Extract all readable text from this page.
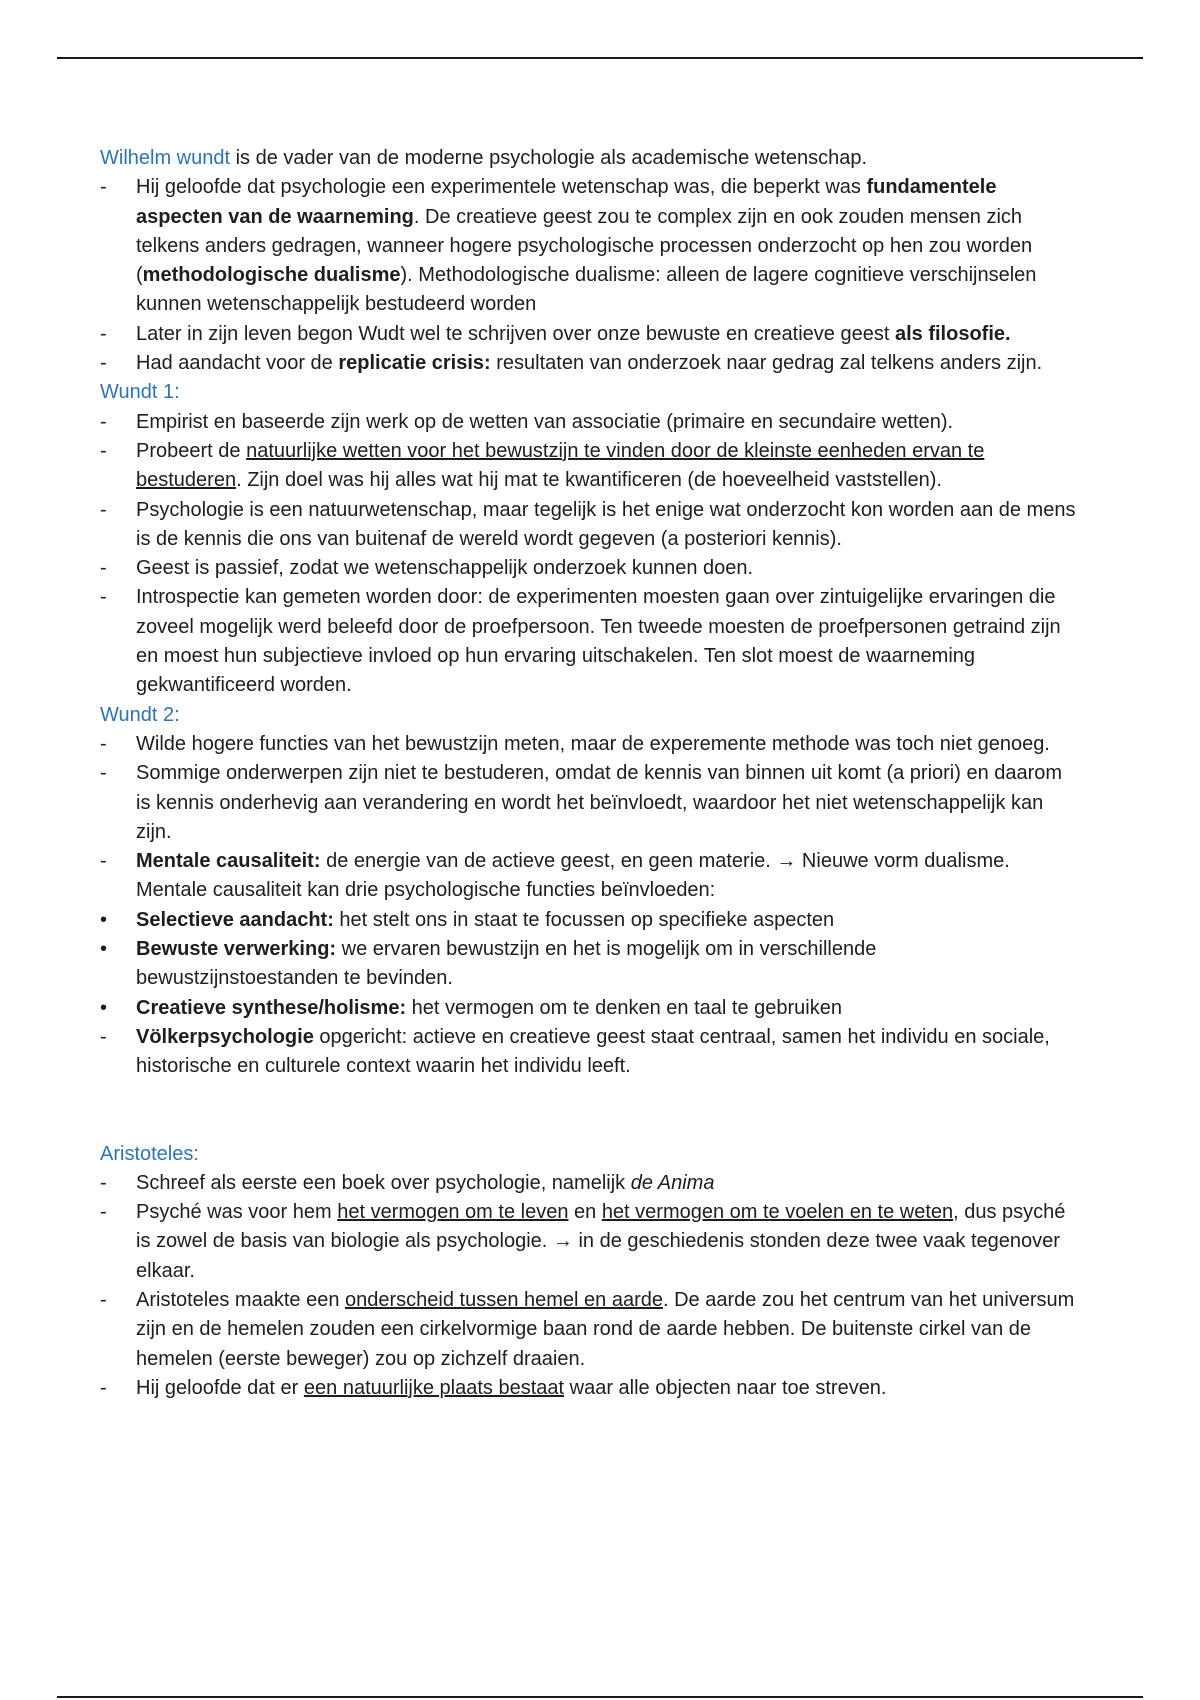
Wilhelm wundt is de vader van de moderne psychologie als academische wetenschap.

-	Hij geloofde dat psychologie een experimentele wetenschap was, die beperkt was fundamentele aspecten van de waarneming. De creatieve geest zou te complex zijn en ook zouden mensen zich telkens anders gedragen, wanneer hogere psychologische processen onderzocht op hen zou worden (methodologische dualisme). Methodologische dualisme: alleen de lagere cognitieve verschijnselen kunnen wetenschappelijk bestudeerd worden
-	Later in zijn leven begon Wudt wel te schrijven over onze bewuste en creatieve geest als filosofie.
-	Had aandacht voor de replicatie crisis: resultaten van onderzoek naar gedrag zal telkens anders zijn.

Wundt 1:

-	Empirist en baseerde zijn werk op de wetten van associatie (primaire en secundaire wetten).
-	Probeert de natuurlijke wetten voor het bewustzijn te vinden door de kleinste eenheden ervan te bestuderen. Zijn doel was hij alles wat hij mat te kwantificeren (de hoeveelheid vaststellen).
-	Psychologie is een natuurwetenschap, maar tegelijk is het enige wat onderzocht kon worden aan de mens is de kennis die ons van buitenaf de wereld wordt gegeven (a posteriori kennis).
-	Geest is passief, zodat we wetenschappelijk onderzoek kunnen doen.
-	Introspectie kan gemeten worden door: de experimenten moesten gaan over zintuigelijke ervaringen die zoveel mogelijk werd beleefd door de proefpersoon. Ten tweede moesten de proefpersonen getraind zijn en moest hun subjectieve invloed op hun ervaring uitschakelen. Ten slot moest de waarneming gekwantificeerd worden.

Wundt 2:

-	Wilde hogere functies van het bewustzijn meten, maar de experemente methode was toch niet genoeg.
-	Sommige onderwerpen zijn niet te bestuderen, omdat de kennis van binnen uit komt (a priori) en daarom is kennis onderhevig aan verandering en wordt het beïnvloedt, waardoor het niet wetenschappelijk kan zijn.
-	Mentale causaliteit: de energie van de actieve geest, en geen materie. → Nieuwe vorm dualisme. Mentale causaliteit kan drie psychologische functies beïnvloeden:
•	Selectieve aandacht: het stelt ons in staat te focussen op specifieke aspecten
•	Bewuste verwerking: we ervaren bewustzijn en het is mogelijk om in verschillende bewustzijnstoestanden te bevinden.
•	Creatieve synthese/holisme: het vermogen om te denken en taal te gebruiken
-	Völkerpsychologie opgericht: actieve en creatieve geest staat centraal, samen het individu en sociale, historische en culturele context waarin het individu leeft.

Aristoteles:

-	Schreef als eerste een boek over psychologie, namelijk de Anima
-	Psyché was voor hem het vermogen om te leven en het vermogen om te voelen en te weten, dus psyché is zowel de basis van biologie als psychologie. → in de geschiedenis stonden deze twee vaak tegenover elkaar.
-	Aristoteles maakte een onderscheid tussen hemel en aarde. De aarde zou het centrum van het universum zijn en de hemelen zouden een cirkelvormige baan rond de aarde hebben. De buitenste cirkel van de hemelen (eerste beweger) zou op zichzelf draaien.
-	Hij geloofde dat er een natuurlijke plaats bestaat waar alle objecten naar toe streven.
